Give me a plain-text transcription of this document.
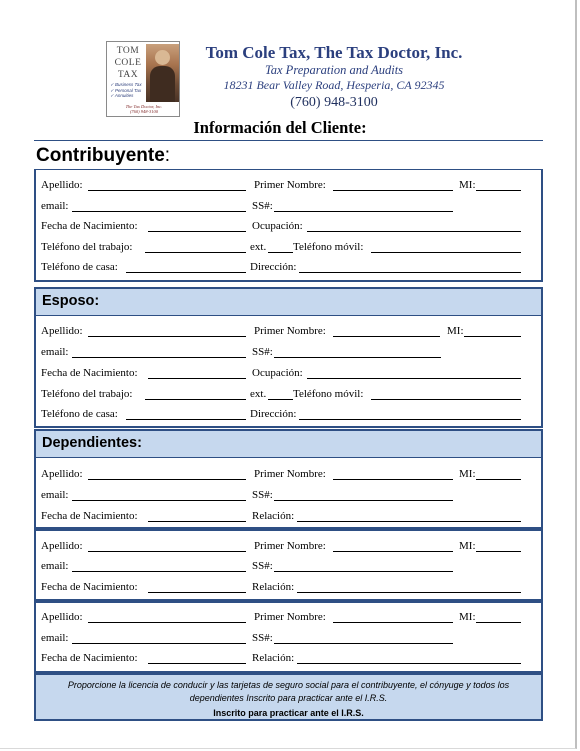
TOM
COLE
TAX
✓ Business Tax
✓ Personal Tax
✓ Annuities
The Tax Doctor, Inc.
(760) 948-3100
Tom Cole Tax, The Tax Doctor, Inc.
Tax Preparation and Audits
18231 Bear Valley Road, Hesperia, CA 92345
(760) 948-3100
Información del Cliente:
Contribuyente:
Apellido:	Primer Nombre:	MI:
email:	SS#:
Fecha de Nacimiento:	Ocupación:
Teléfono del trabajo:	ext. Teléfono móvil:
Teléfono de casa:	Dirección:
Esposo:
Apellido:	Primer Nombre:	MI:
email:	SS#:
Fecha de Nacimiento:	Ocupación:
Teléfono del trabajo:	ext. Teléfono móvil:
Teléfono de casa:	Dirección:
Dependientes:
Apellido:	Primer Nombre:	MI:
email:	SS#:
Fecha de Nacimiento:	Relación:
Apellido:	Primer Nombre:	MI:
email:	SS#:
Fecha de Nacimiento:	Relación:
Apellido:	Primer Nombre:	MI:
email:	SS#:
Fecha de Nacimiento:	Relación:
Proporcione la licencia de conducir y las tarjetas de seguro social para el contribuyente, el cónyuge y todos los dependientes Inscrito para practicar ante el I.R.S.
Inscrito para practicar ante el I.R.S.
